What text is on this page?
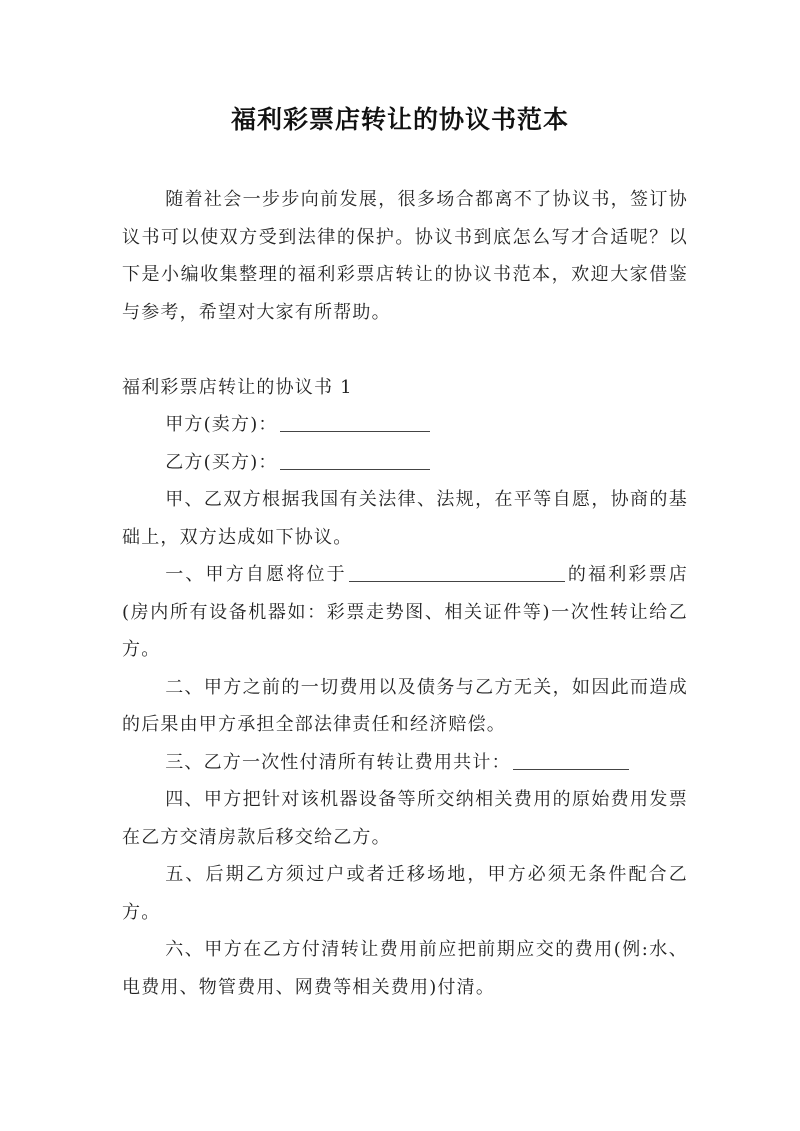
福利彩票店转让的协议书范本

随着社会一步步向前发展，很多场合都离不了协议书，签订协议书可以使双方受到法律的保护。协议书到底怎么写才合适呢？以下是小编收集整理的福利彩票店转让的协议书范本，欢迎大家借鉴与参考，希望对大家有所帮助。

福利彩票店转让的协议书 1

甲方(卖方)：

乙方(买方)：

甲、乙双方根据我国有关法律、法规，在平等自愿，协商的基础上，双方达成如下协议。

一、甲方自愿将位于	的福利彩票店(房内所有设备机器如：彩票走势图、相关证件等)一次性转让给乙方。

二、甲方之前的一切费用以及债务与乙方无关，如因此而造成的后果由甲方承担全部法律责任和经济赔偿。

三、乙方一次性付清所有转让费用共计：

四、甲方把针对该机器设备等所交纳相关费用的原始费用发票在乙方交清房款后移交给乙方。

五、后期乙方须过户或者迁移场地，甲方必须无条件配合乙方。

六、甲方在乙方付清转让费用前应把前期应交的费用(例:水、电费用、物管费用、网费等相关费用)付清。
